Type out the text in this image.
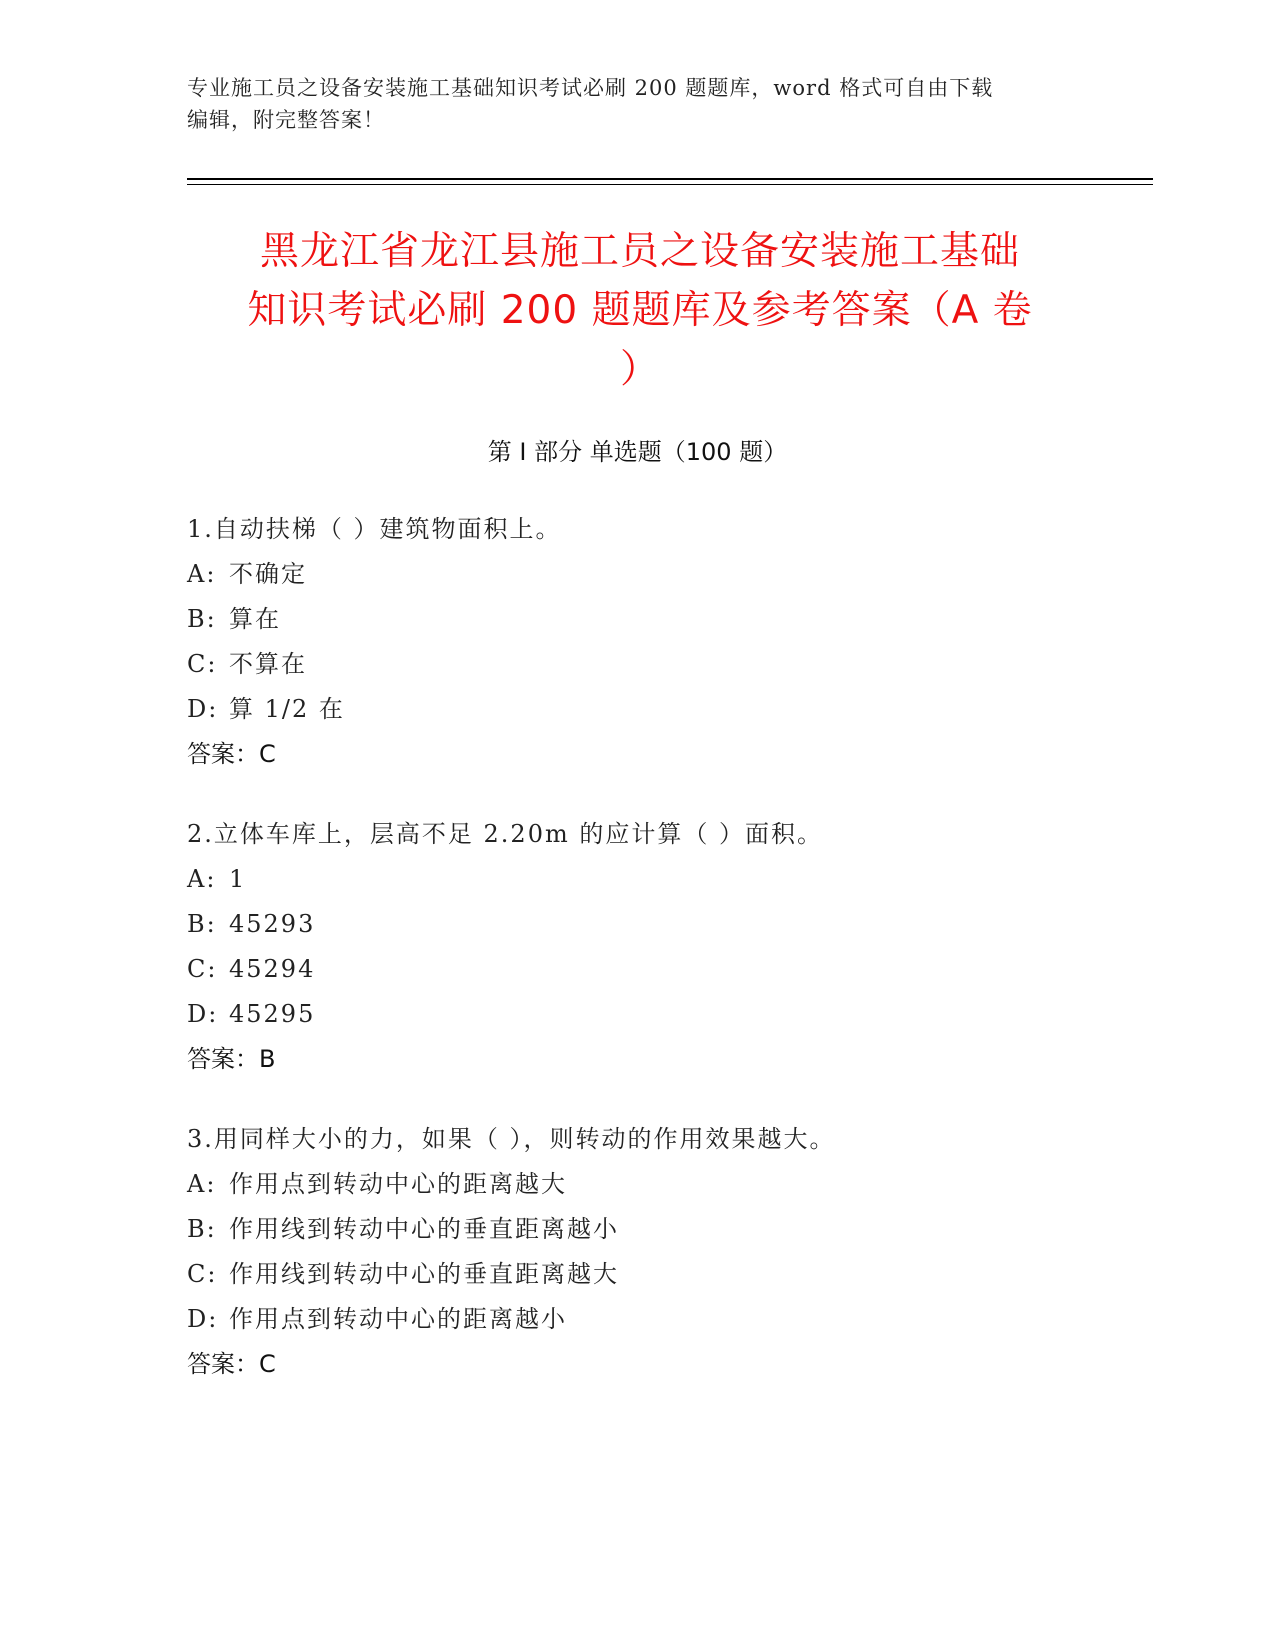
专业施工员之设备安装施工基础知识考试必刷 200 题题库，word 格式可自由下载
编辑，附完整答案！
黑龙江省龙江县施工员之设备安装施工基础
知识考试必刷 200 题题库及参考答案（A 卷
）
第 I 部分 单选题（100 题）
1.自动扶梯（ ）建筑物面积上。
A: 不确定
B: 算在
C: 不算在
D: 算 1/2 在
答案：C
2.立体车库上，层高不足 2.20m 的应计算（ ）面积。
A: 1
B: 45293
C: 45294
D: 45295
答案：B
3.用同样大小的力，如果（ ），则转动的作用效果越大。
A: 作用点到转动中心的距离越大
B: 作用线到转动中心的垂直距离越小
C: 作用线到转动中心的垂直距离越大
D: 作用点到转动中心的距离越小
答案：C
